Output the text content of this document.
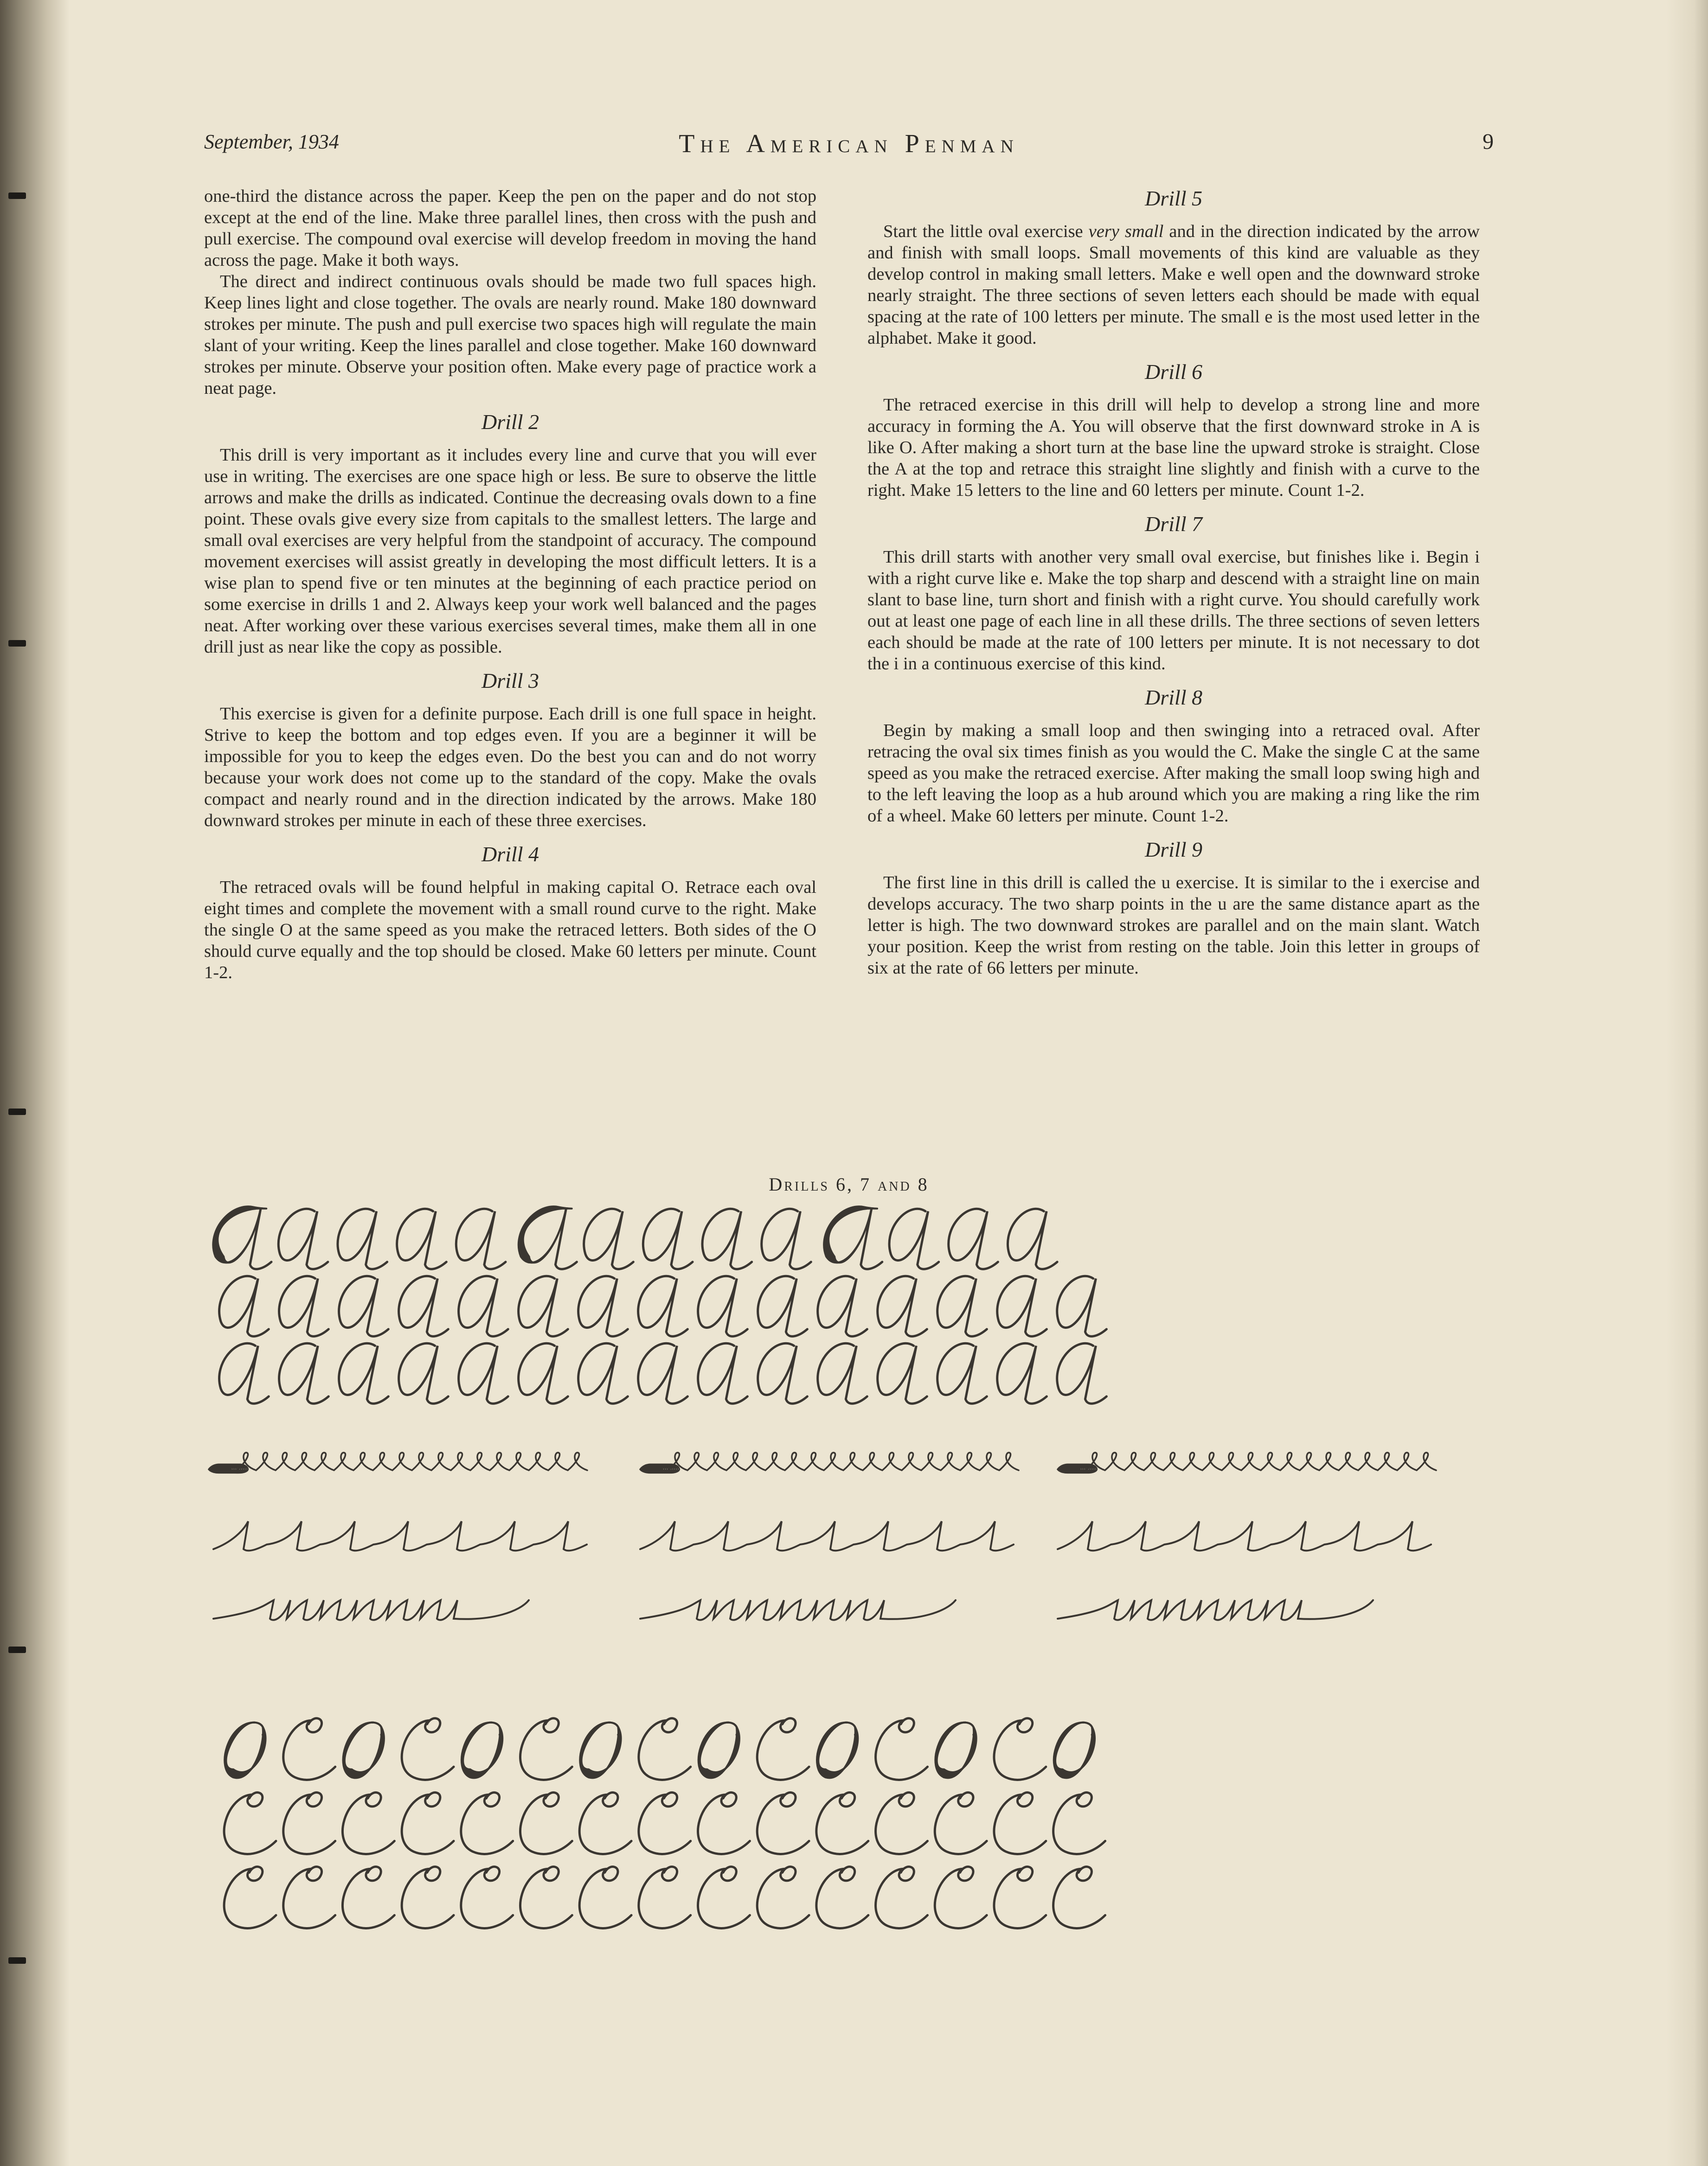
September, 1934	The American Penman	9

one-third the distance across the paper. Keep the pen on the paper and do not stop except at the end of the line. Make three parallel lines, then cross with the push and pull exercise. The compound oval exercise will develop freedom in moving the hand across the page. Make it both ways.

The direct and indirect continuous ovals should be made two full spaces high. Keep lines light and close together. The ovals are nearly round. Make 180 downward strokes per minute. The push and pull exercise two spaces high will regulate the main slant of your writing. Keep the lines parallel and close together. Make 160 downward strokes per minute. Observe your position often. Make every page of practice work a neat page.

Drill 2

This drill is very important as it includes every line and curve that you will ever use in writing. The exercises are one space high or less. Be sure to observe the little arrows and make the drills as indicated. Continue the decreasing ovals down to a fine point. These ovals give every size from capitals to the smallest letters. The large and small oval exercises are very helpful from the standpoint of accuracy. The compound movement exercises will assist greatly in developing the most difficult letters. It is a wise plan to spend five or ten minutes at the beginning of each practice period on some exercise in drills 1 and 2. Always keep your work well balanced and the pages neat. After working over these various exercises several times, make them all in one drill just as near like the copy as possible.

Drill 3

This exercise is given for a definite purpose. Each drill is one full space in height. Strive to keep the bottom and top edges even. If you are a beginner it will be impossible for you to keep the edges even. Do the best you can and do not worry because your work does not come up to the standard of the copy. Make the ovals compact and nearly round and in the direction indicated by the arrows. Make 180 downward strokes per minute in each of these three exercises.

Drill 4

The retraced ovals will be found helpful in making capital O. Retrace each oval eight times and complete the movement with a small round curve to the right. Make the single O at the same speed as you make the retraced letters. Both sides of the O should curve equally and the top should be closed. Make 60 letters per minute. Count 1-2.

Drill 5

Start the little oval exercise very small and in the direction indicated by the arrow and finish with small loops. Small movements of this kind are valuable as they develop control in making small letters. Make e well open and the downward stroke nearly straight. The three sections of seven letters each should be made with equal spacing at the rate of 100 letters per minute. The small e is the most used letter in the alphabet. Make it good.

Drill 6

The retraced exercise in this drill will help to develop a strong line and more accuracy in forming the A. You will observe that the first downward stroke in A is like O. After making a short turn at the base line the upward stroke is straight. Close the A at the top and retrace this straight line slightly and finish with a curve to the right. Make 15 letters to the line and 60 letters per minute. Count 1-2.

Drill 7

This drill starts with another very small oval exercise, but finishes like i. Begin i with a right curve like e. Make the top sharp and descend with a straight line on main slant to base line, turn short and finish with a right curve. You should carefully work out at least one page of each line in all these drills. The three sections of seven letters each should be made at the rate of 100 letters per minute. It is not necessary to dot the i in a continuous exercise of this kind.

Drill 8

Begin by making a small loop and then swinging into a retraced oval. After retracing the oval six times finish as you would the C. Make the single C at the same speed as you make the retraced exercise. After making the small loop swing high and to the left leaving the loop as a hub around which you are making a ring like the rim of a wheel. Make 60 letters per minute. Count 1-2.

Drill 9

The first line in this drill is called the u exercise. It is similar to the i exercise and develops accuracy. The two sharp points in the u are the same distance apart as the letter is high. The two downward strokes are parallel and on the main slant. Watch your position. Keep the wrist from resting on the table. Join this letter in groups of six at the rate of 66 letters per minute.

Drills 6, 7 and 8
